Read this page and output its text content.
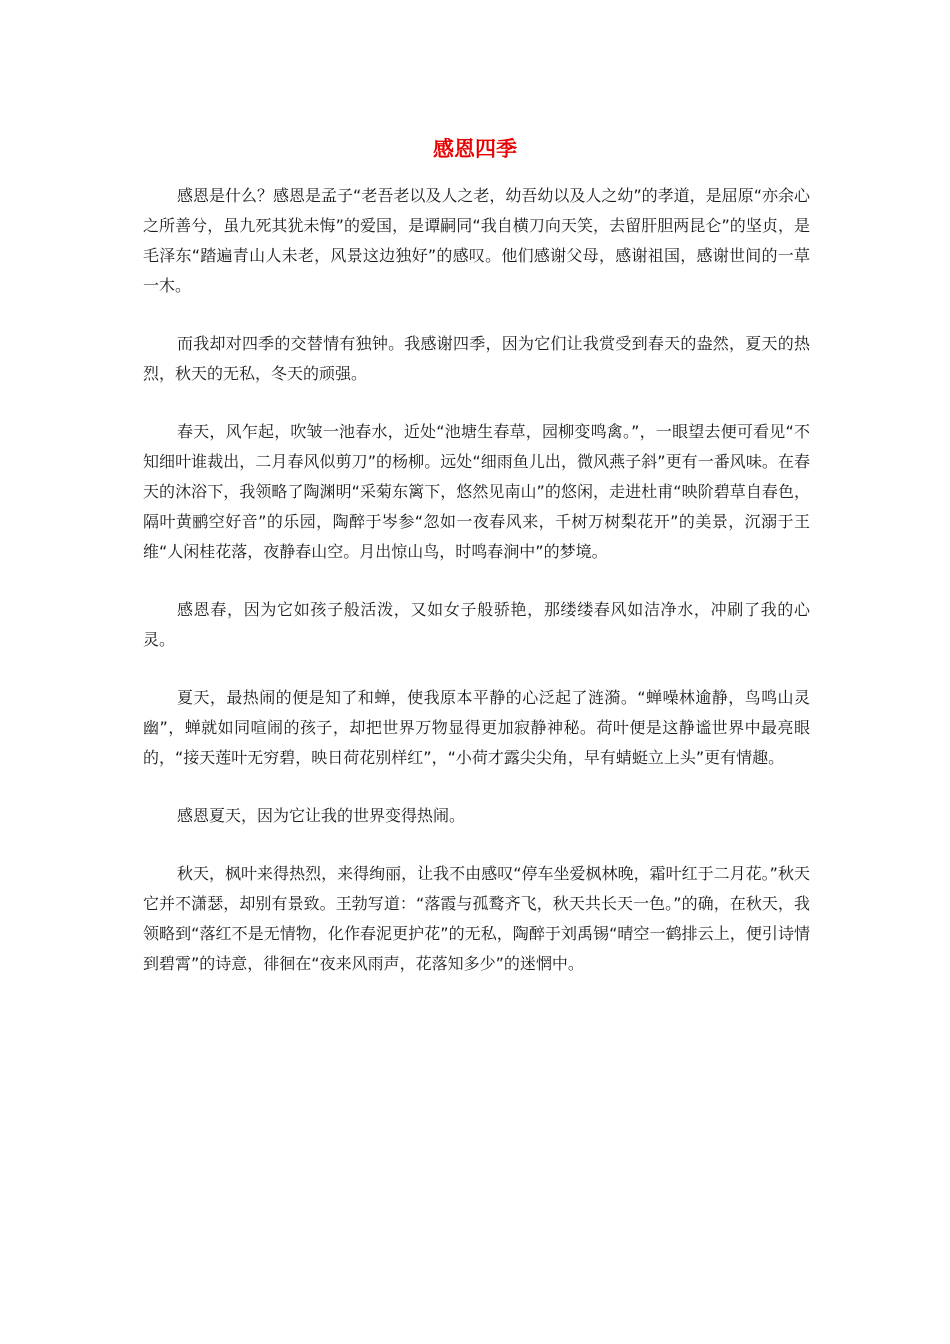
感恩四季

感恩是什么？感恩是孟子“老吾老以及人之老，幼吾幼以及人之幼”的孝道，是屈原“亦余心之所善兮，虽九死其犹未悔”的爱国，是谭嗣同“我自横刀向天笑，去留肝胆两昆仑”的坚贞，是毛泽东“踏遍青山人未老，风景这边独好”的感叹。他们感谢父母，感谢祖国，感谢世间的一草一木。

而我却对四季的交替情有独钟。我感谢四季，因为它们让我赏受到春天的盎然，夏天的热烈，秋天的无私，冬天的顽强。

春天，风乍起，吹皱一池春水，近处“池塘生春草，园柳变鸣禽。”，一眼望去便可看见“不知细叶谁裁出，二月春风似剪刀”的杨柳。远处“细雨鱼儿出，微风燕子斜”更有一番风味。在春天的沐浴下，我领略了陶渊明“采菊东篱下，悠然见南山”的悠闲，走进杜甫“映阶碧草自春色，隔叶黄鹂空好音”的乐园，陶醉于岑参“忽如一夜春风来，千树万树梨花开”的美景，沉溺于王维“人闲桂花落，夜静春山空。月出惊山鸟，时鸣春涧中”的梦境。

感恩春，因为它如孩子般活泼，又如女子般骄艳，那缕缕春风如洁净水，冲刷了我的心灵。

夏天，最热闹的便是知了和蝉，使我原本平静的心泛起了涟漪。“蝉噪林逾静，鸟鸣山灵幽”，蝉就如同喧闹的孩子，却把世界万物显得更加寂静神秘。荷叶便是这静谧世界中最亮眼的，“接天莲叶无穷碧，映日荷花别样红”，“小荷才露尖尖角，早有蜻蜓立上头”更有情趣。

感恩夏天，因为它让我的世界变得热闹。

秋天，枫叶来得热烈，来得绚丽，让我不由感叹“停车坐爱枫林晚，霜叶红于二月花。”秋天它并不潇瑟，却别有景致。王勃写道：“落霞与孤鹜齐飞，秋天共长天一色。”的确，在秋天，我领略到“落红不是无情物，化作春泥更护花”的无私，陶醉于刘禹锡“晴空一鹤排云上，便引诗情到碧霄”的诗意，徘徊在“夜来风雨声，花落知多少”的迷惘中。
